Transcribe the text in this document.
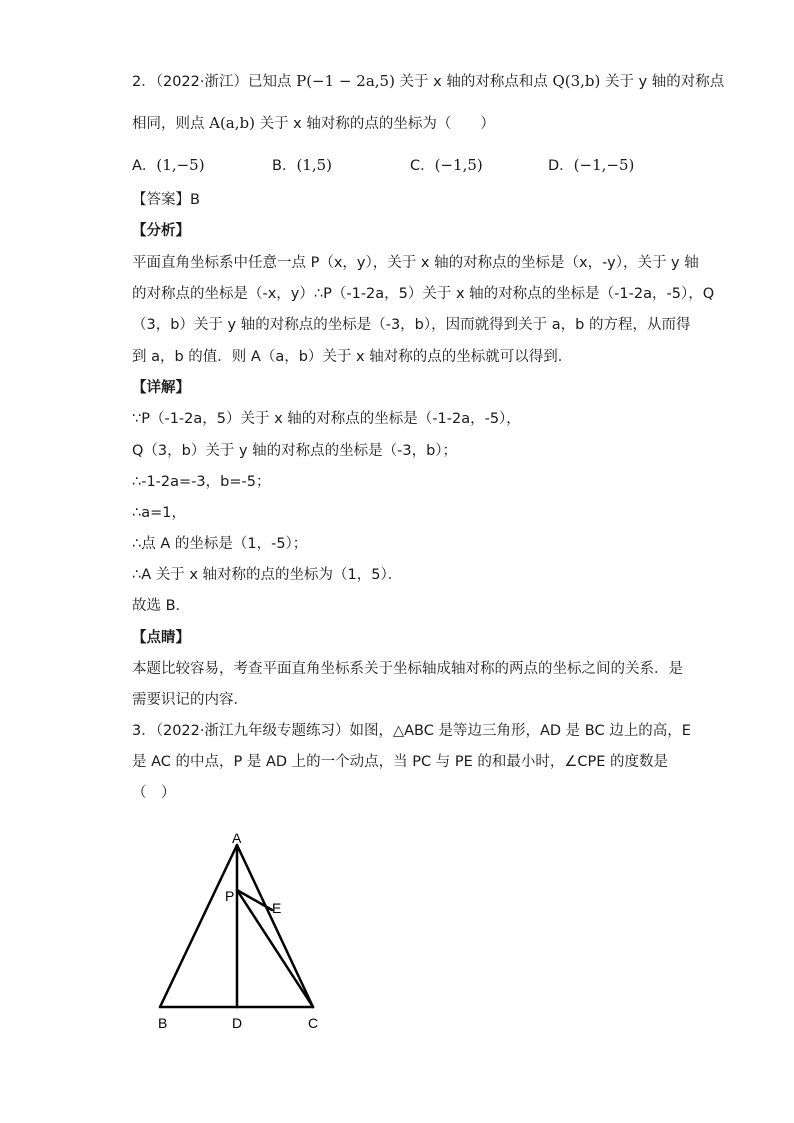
2．（2022·浙江）已知点 P(−1 − 2a,5) 关于 x 轴的对称点和点 Q(3,b) 关于 y 轴的对称点
相同，则点 A(a,b) 关于 x 轴对称的点的坐标为（　　）
A．(1,−5)	B．(1,5)	C．(−1,5)	D．(−1,−5)
【答案】B
【分析】
平面直角坐标系中任意一点 P（x，y），关于 x 轴的对称点的坐标是（x，-y），关于 y 轴
的对称点的坐标是（-x，y）∴P（-1-2a，5）关于 x 轴的对称点的坐标是（-1-2a，-5），Q
（3，b）关于 y 轴的对称点的坐标是（-3，b），因而就得到关于 a，b 的方程，从而得
到 a，b 的值．则 A（a，b）关于 x 轴对称的点的坐标就可以得到．
【详解】
∵P（-1-2a，5）关于 x 轴的对称点的坐标是（-1-2a，-5），
Q（3，b）关于 y 轴的对称点的坐标是（-3，b）；
∴-1-2a=-3，b=-5；
∴a=1，
∴点 A 的坐标是（1，-5）；
∴A 关于 x 轴对称的点的坐标为（1，5）．
故选 B．
【点睛】
本题比较容易，考查平面直角坐标系关于坐标轴成轴对称的两点的坐标之间的关系．是
需要识记的内容．
3．（2022·浙江九年级专题练习）如图，△ABC 是等边三角形，AD 是 BC 边上的高，E
是 AC 的中点，P 是 AD 上的一个动点，当 PC 与 PE 的和最小时，∠CPE 的度数是
（　）
A
P
E
B	D	C
